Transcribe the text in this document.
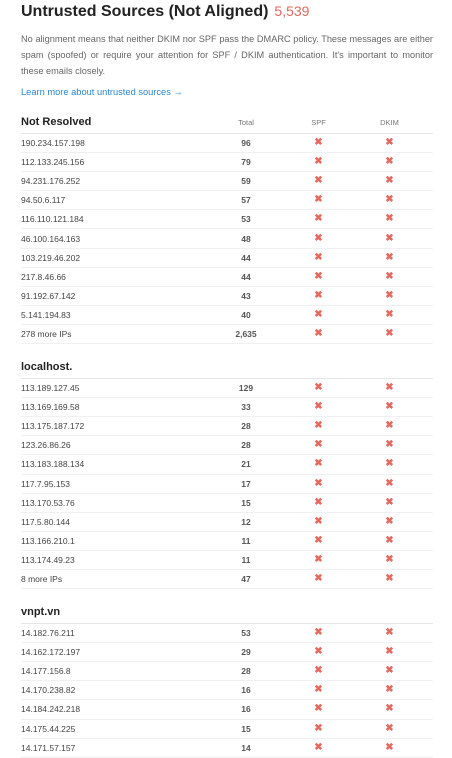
Untrusted Sources (Not Aligned) 5,539
No alignment means that neither DKIM nor SPF pass the DMARC policy. These messages are either spam (spoofed) or require your attention for SPF / DKIM authentication. It's important to monitor these emails closely.
Learn more about untrusted sources →
Not Resolved	Total	SPF	DKIM
190.234.157.198	96	✖	✖
112.133.245.156	79	✖	✖
94.231.176.252	59	✖	✖
94.50.6.117	57	✖	✖
116.110.121.184	53	✖	✖
46.100.164.163	48	✖	✖
103.219.46.202	44	✖	✖
217.8.46.66	44	✖	✖
91.192.67.142	43	✖	✖
5.141.194.83	40	✖	✖
278 more IPs	2,635	✖	✖
localhost.			
113.189.127.45	129	✖	✖
113.169.169.58	33	✖	✖
113.175.187.172	28	✖	✖
123.26.86.26	28	✖	✖
113.183.188.134	21	✖	✖
117.7.95.153	17	✖	✖
113.170.53.76	15	✖	✖
117.5.80.144	12	✖	✖
113.166.210.1	11	✖	✖
113.174.49.23	11	✖	✖
8 more IPs	47	✖	✖
vnpt.vn			
14.182.76.211	53	✖	✖
14.162.172.197	29	✖	✖
14.177.156.8	28	✖	✖
14.170.238.82	16	✖	✖
14.184.242.218	16	✖	✖
14.175.44.225	15	✖	✖
14.171.57.157	14	✖	✖
